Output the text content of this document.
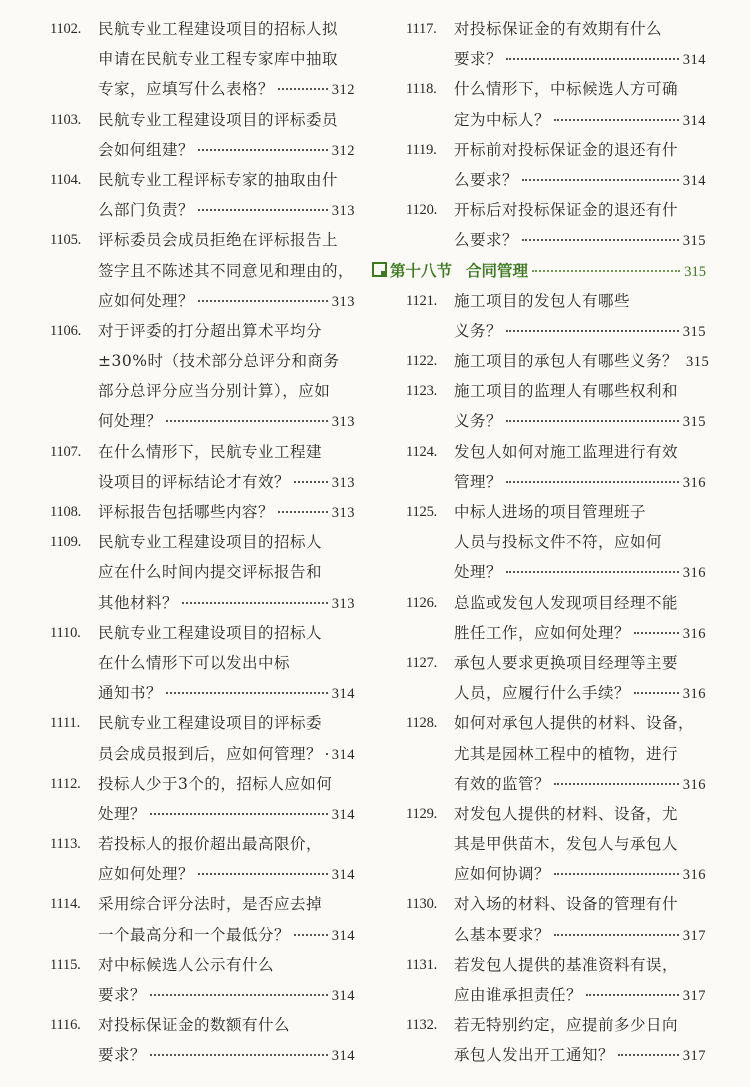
1102.	民航专业工程建设项目的招标人拟
申请在民航专业工程专家库中抽取
专家，应填写什么表格？	312
1103.	民航专业工程建设项目的评标委员
会如何组建？	312
1104.	民航专业工程评标专家的抽取由什
么部门负责？	313
1105.	评标委员会成员拒绝在评标报告上
签字且不陈述其不同意见和理由的，
应如何处理？	313
1106.	对于评委的打分超出算术平均分
±30%时（技术部分总评分和商务
部分总评分应当分别计算），应如
何处理？	313
1107.	在什么情形下，民航专业工程建
设项目的评标结论才有效？	313
1108.	评标报告包括哪些内容？	313
1109.	民航专业工程建设项目的招标人
应在什么时间内提交评标报告和
其他材料？	313
1110.	民航专业工程建设项目的招标人
在什么情形下可以发出中标
通知书？	314
1111.	民航专业工程建设项目的评标委
员会成员报到后，应如何管理？ 314
1112.	投标人少于3个的，招标人应如何
处理？	314
1113.	若投标人的报价超出最高限价，
应如何处理？	314
1114.	采用综合评分法时，是否应去掉
一个最高分和一个最低分？	314
1115.	对中标候选人公示有什么
要求？	314
1116.	对投标保证金的数额有什么
要求？	314
1117.	对投标保证金的有效期有什么
要求？	314
1118.	什么情形下，中标候选人方可确
定为中标人？	314
1119.	开标前对投标保证金的退还有什
么要求？	314
1120.	开标后对投标保证金的退还有什
么要求？	315
第十八节 合同管理	315
1121.	施工项目的发包人有哪些
义务？	315
1122.	施工项目的承包人有哪些义务？ 315
1123.	施工项目的监理人有哪些权利和
义务？	315
1124.	发包人如何对施工监理进行有效
管理？	316
1125.	中标人进场的项目管理班子
人员与投标文件不符，应如何
处理？	316
1126.	总监或发包人发现项目经理不能
胜任工作，应如何处理？	316
1127.	承包人要求更换项目经理等主要
人员，应履行什么手续？	316
1128.	如何对承包人提供的材料、设备，
尤其是园林工程中的植物，进行
有效的监管？	316
1129.	对发包人提供的材料、设备，尤
其是甲供苗木，发包人与承包人
应如何协调？	316
1130.	对入场的材料、设备的管理有什
么基本要求？	317
1131.	若发包人提供的基准资料有误，
应由谁承担责任？	317
1132.	若无特别约定，应提前多少日向
承包人发出开工通知？	317
